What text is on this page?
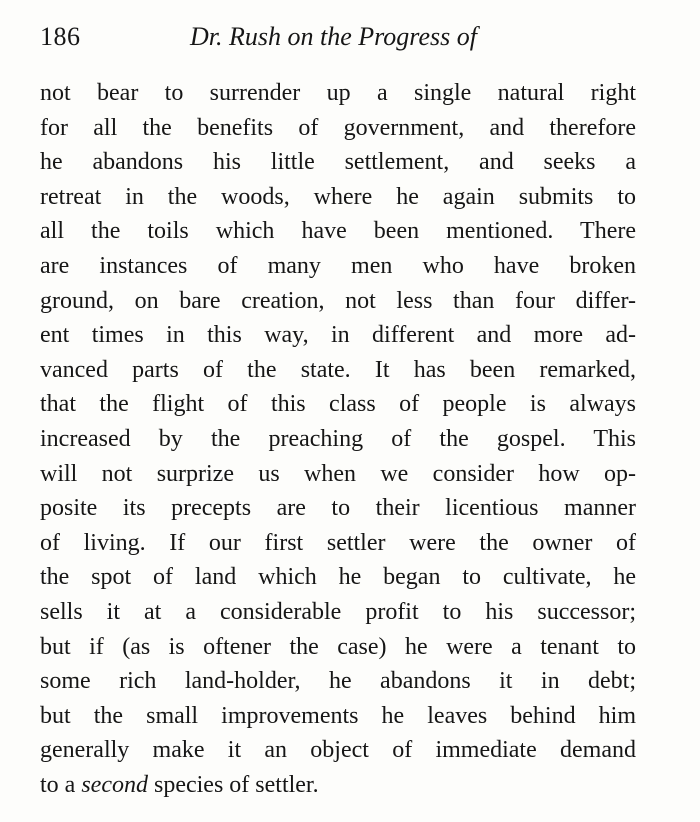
186	Dr. Rush on the Progress of
not bear to surrender up a single natural right
for all the benefits of government, and therefore
he abandons his little settlement, and seeks a
retreat in the woods, where he again submits to
all the toils which have been mentioned. There
are instances of many men who have broken
ground, on bare creation, not less than four differ-
ent times in this way, in different and more ad-
vanced parts of the state. It has been remarked,
that the flight of this class of people is always
increased by the preaching of the gospel. This
will not surprize us when we consider how op-
posite its precepts are to their licentious manner
of living. If our first settler were the owner of
the spot of land which he began to cultivate, he
sells it at a considerable profit to his successor;
but if (as is oftener the case) he were a tenant to
some rich land-holder, he abandons it in debt;
but the small improvements he leaves behind him
generally make it an object of immediate demand
to a second species of settler.
